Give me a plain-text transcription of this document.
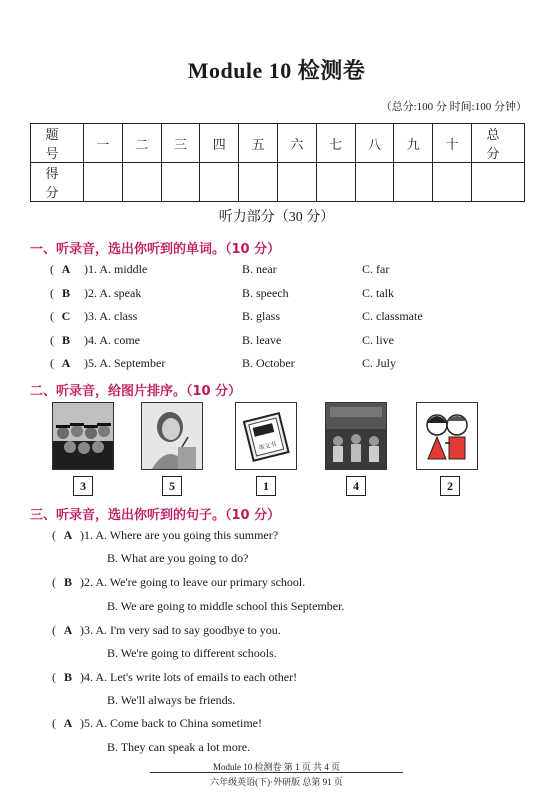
Module 10 检测卷
（总分:100 分 时间:100 分钟）
题 号	一	二	三	四	五	六	七	八	九	十	总 分
得 分											
听力部分（30 分）
一、听录音，选出你听到的单词。（10 分）
( A	)1. A. middle	B. near	C. far
( B	)2. A. speak	B. speech	C. talk
( C	)3. A. class	B. glass	C. classmate
( B	)4. A. come	B. leave	C. live
( A	)5. A. September	B. October	C. July
二、听录音，给图片排序。（10 分）
英文书
3	5	1	4	2
三、听录音，选出你听到的句子。（10 分）
( A )1. A. Where are you going this summer?
B. What are you going to do?
( B )2. A. We're going to leave our primary school.
B. We are going to middle school this September.
( A )3. A. I'm very sad to say goodbye to you.
B. We're going to different schools.
( B )4. A. Let's write lots of emails to each other!
B. We'll always be friends.
( A )5. A. Come back to China sometime!
B. They can speak a lot more.
Module 10 检测卷 第 1 页 共 4 页
六年级英语(下)·外研版 总第 91 页
